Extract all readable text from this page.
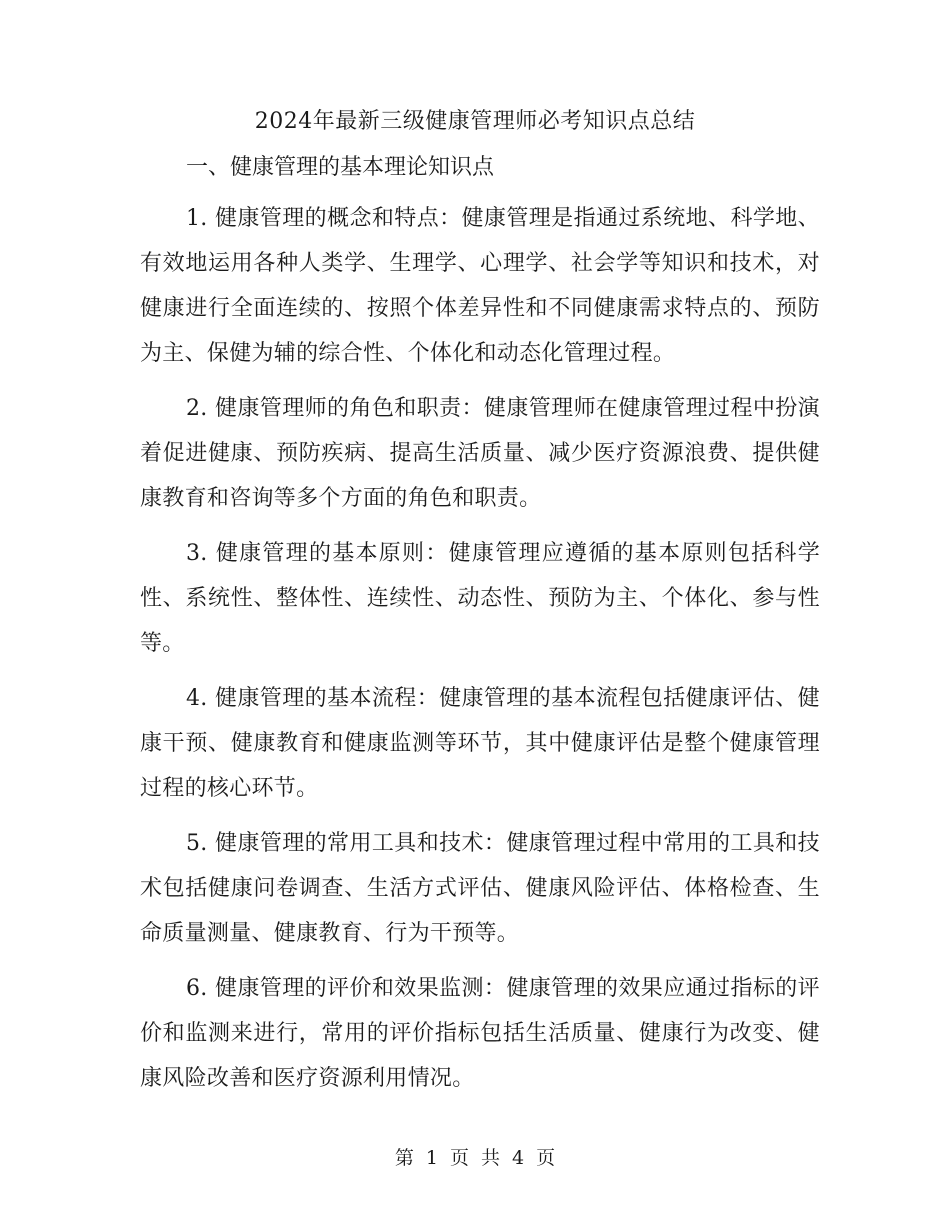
2024年最新三级健康管理师必考知识点总结
一、健康管理的基本理论知识点

1. 健康管理的概念和特点：健康管理是指通过系统地、科学地、有效地运用各种人类学、生理学、心理学、社会学等知识和技术，对健康进行全面连续的、按照个体差异性和不同健康需求特点的、预防为主、保健为辅的综合性、个体化和动态化管理过程。

2. 健康管理师的角色和职责：健康管理师在健康管理过程中扮演着促进健康、预防疾病、提高生活质量、减少医疗资源浪费、提供健康教育和咨询等多个方面的角色和职责。

3. 健康管理的基本原则：健康管理应遵循的基本原则包括科学性、系统性、整体性、连续性、动态性、预防为主、个体化、参与性等。

4. 健康管理的基本流程：健康管理的基本流程包括健康评估、健康干预、健康教育和健康监测等环节，其中健康评估是整个健康管理过程的核心环节。

5. 健康管理的常用工具和技术：健康管理过程中常用的工具和技术包括健康问卷调查、生活方式评估、健康风险评估、体格检查、生命质量测量、健康教育、行为干预等。

6. 健康管理的评价和效果监测：健康管理的效果应通过指标的评价和监测来进行，常用的评价指标包括生活质量、健康行为改变、健康风险改善和医疗资源利用情况。

第 1 页 共 4 页
